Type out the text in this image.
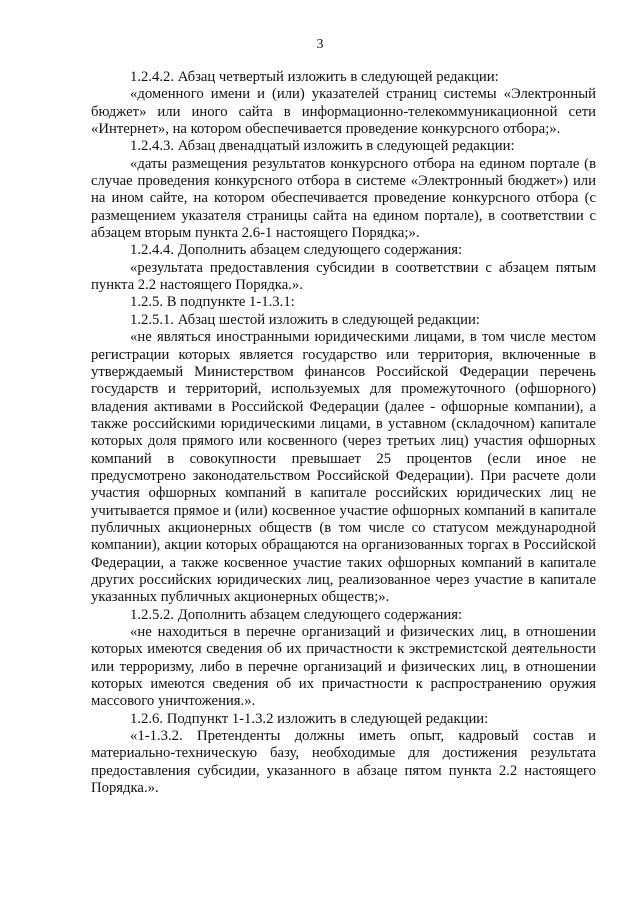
3

1.2.4.2. Абзац четвертый изложить в следующей редакции:

«доменного имени и (или) указателей страниц системы «Электронный бюджет» или иного сайта в информационно-телекоммуникационной сети «Интернет», на котором обеспечивается проведение конкурсного отбора;».

1.2.4.3. Абзац двенадцатый изложить в следующей редакции:

«даты размещения результатов конкурсного отбора на едином портале (в случае проведения конкурсного отбора в системе «Электронный бюджет») или на ином сайте, на котором обеспечивается проведение конкурсного отбора (с размещением указателя страницы сайта на едином портале), в соответствии с абзацем вторым пункта 2.6-1 настоящего Порядка;».

1.2.4.4. Дополнить абзацем следующего содержания:

«результата предоставления субсидии в соответствии с абзацем пятым пункта 2.2 настоящего Порядка.».

1.2.5. В подпункте 1-1.3.1:

1.2.5.1. Абзац шестой изложить в следующей редакции:

«не являться иностранными юридическими лицами, в том числе местом регистрации которых является государство или территория, включенные в утверждаемый Министерством финансов Российской Федерации перечень государств и территорий, используемых для промежуточного (офшорного) владения активами в Российской Федерации (далее - офшорные компании), а также российскими юридическими лицами, в уставном (складочном) капитале которых доля прямого или косвенного (через третьих лиц) участия офшорных компаний в совокупности превышает 25 процентов (если иное не предусмотрено законодательством Российской Федерации). При расчете доли участия офшорных компаний в капитале российских юридических лиц не учитывается прямое и (или) косвенное участие офшорных компаний в капитале публичных акционерных обществ (в том числе со статусом международной компании), акции которых обращаются на организованных торгах в Российской Федерации, а также косвенное участие таких офшорных компаний в капитале других российских юридических лиц, реализованное через участие в капитале указанных публичных акционерных обществ;».

1.2.5.2. Дополнить абзацем следующего содержания:

«не находиться в перечне организаций и физических лиц, в отношении которых имеются сведения об их причастности к экстремистской деятельности или терроризму, либо в перечне организаций и физических лиц, в отношении которых имеются сведения об их причастности к распространению оружия массового уничтожения.».

1.2.6. Подпункт 1-1.3.2 изложить в следующей редакции:

«1-1.3.2. Претенденты должны иметь опыт, кадровый состав и материально-техническую базу, необходимые для достижения результата предоставления субсидии, указанного в абзаце пятом пункта 2.2 настоящего Порядка.».
